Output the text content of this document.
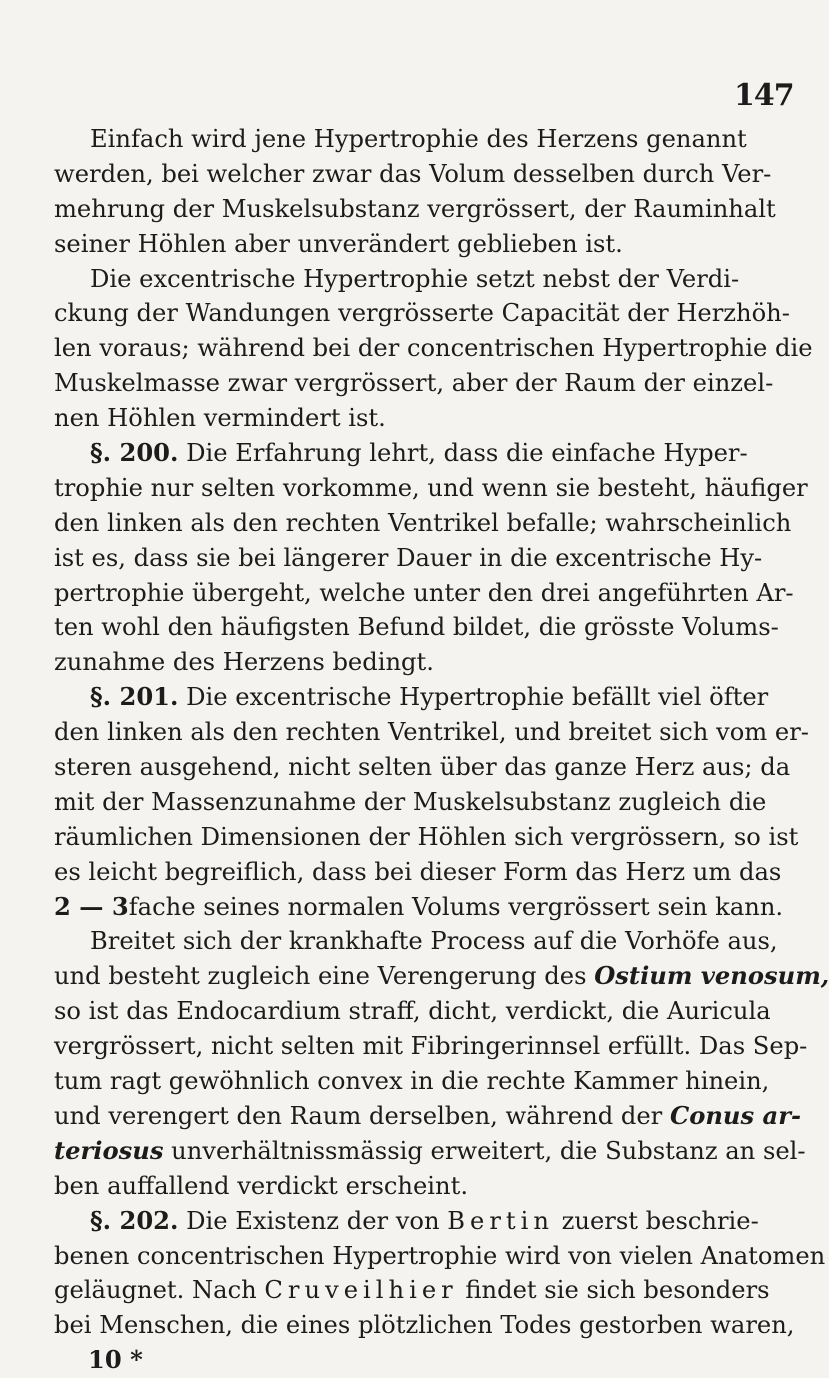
147
Einfach wird jene Hypertrophie des Herzens genannt
werden, bei welcher zwar das Volum desselben durch Ver-
mehrung der Muskelsubstanz vergrössert, der Rauminhalt
seiner Höhlen aber unverändert geblieben ist.
Die excentrische Hypertrophie setzt nebst der Verdi-
ckung der Wandungen vergrösserte Capacität der Herzhöh-
len voraus; während bei der concentrischen Hypertrophie die
Muskelmasse zwar vergrössert, aber der Raum der einzel-
nen Höhlen vermindert ist.
§. 200. Die Erfahrung lehrt, dass die einfache Hyper-
trophie nur selten vorkomme, und wenn sie besteht, häufiger
den linken als den rechten Ventrikel befalle; wahrscheinlich
ist es, dass sie bei längerer Dauer in die excentrische Hy-
pertrophie übergeht, welche unter den drei angeführten Ar-
ten wohl den häufigsten Befund bildet, die grösste Volums-
zunahme des Herzens bedingt.
§. 201. Die excentrische Hypertrophie befällt viel öfter
den linken als den rechten Ventrikel, und breitet sich vom er-
steren ausgehend, nicht selten über das ganze Herz aus; da
mit der Massenzunahme der Muskelsubstanz zugleich die
räumlichen Dimensionen der Höhlen sich vergrössern, so ist
es leicht begreiflich, dass bei dieser Form das Herz um das
2 — 3fache seines normalen Volums vergrössert sein kann.
Breitet sich der krankhafte Process auf die Vorhöfe aus,
und besteht zugleich eine Verengerung des Ostium venosum,
so ist das Endocardium straff, dicht, verdickt, die Auricula
vergrössert, nicht selten mit Fibringerinnsel erfüllt. Das Sep-
tum ragt gewöhnlich convex in die rechte Kammer hinein,
und verengert den Raum derselben, während der Conus ar-
teriosus unverhältnissmässig erweitert, die Substanz an sel-
ben auffallend verdickt erscheint.
§. 202. Die Existenz der von Bertin zuerst beschrie-
benen concentrischen Hypertrophie wird von vielen Anatomen
geläugnet. Nach Cruveilhier findet sie sich besonders
bei Menschen, die eines plötzlichen Todes gestorben waren,
10 *
